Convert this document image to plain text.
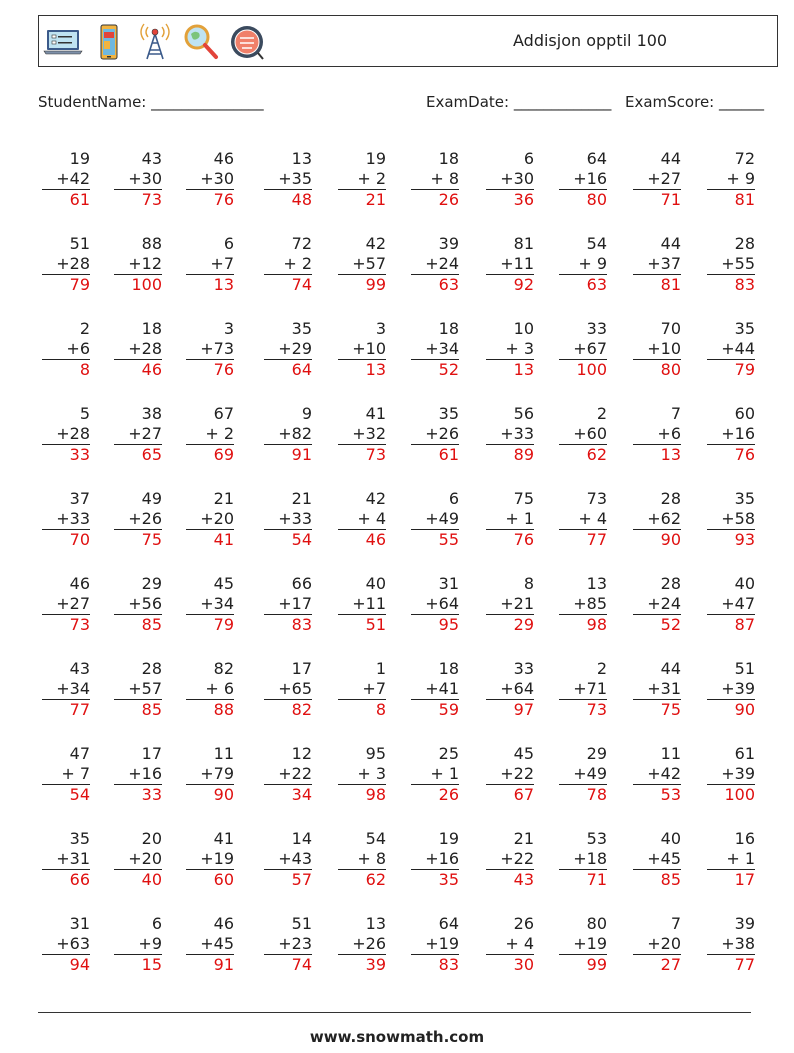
Addisjon opptil 100
StudentName: _______________	ExamDate: _____________ ExamScore: ______
19
+42
61
43
+30
73
46
+30
76
13
+35
48
19
+ 2
21
18
+ 8
26
6
+30
36
64
+16
80
44
+27
71
72
+ 9
81
51
+28
79
88
+12
100
6
+7
13
72
+ 2
74
42
+57
99
39
+24
63
81
+11
92
54
+ 9
63
44
+37
81
28
+55
83
2
+6
8
18
+28
46
3
+73
76
35
+29
64
3
+10
13
18
+34
52
10
+ 3
13
33
+67
100
70
+10
80
35
+44
79
5
+28
33
38
+27
65
67
+ 2
69
9
+82
91
41
+32
73
35
+26
61
56
+33
89
2
+60
62
7
+6
13
60
+16
76
37
+33
70
49
+26
75
21
+20
41
21
+33
54
42
+ 4
46
6
+49
55
75
+ 1
76
73
+ 4
77
28
+62
90
35
+58
93
46
+27
73
29
+56
85
45
+34
79
66
+17
83
40
+11
51
31
+64
95
8
+21
29
13
+85
98
28
+24
52
40
+47
87
43
+34
77
28
+57
85
82
+ 6
88
17
+65
82
1
+7
8
18
+41
59
33
+64
97
2
+71
73
44
+31
75
51
+39
90
47
+ 7
54
17
+16
33
11
+79
90
12
+22
34
95
+ 3
98
25
+ 1
26
45
+22
67
29
+49
78
11
+42
53
61
+39
100
35
+31
66
20
+20
40
41
+19
60
14
+43
57
54
+ 8
62
19
+16
35
21
+22
43
53
+18
71
40
+45
85
16
+ 1
17
31
+63
94
6
+9
15
46
+45
91
51
+23
74
13
+26
39
64
+19
83
26
+ 4
30
80
+19
99
7
+20
27
39
+38
77
www.snowmath.com
